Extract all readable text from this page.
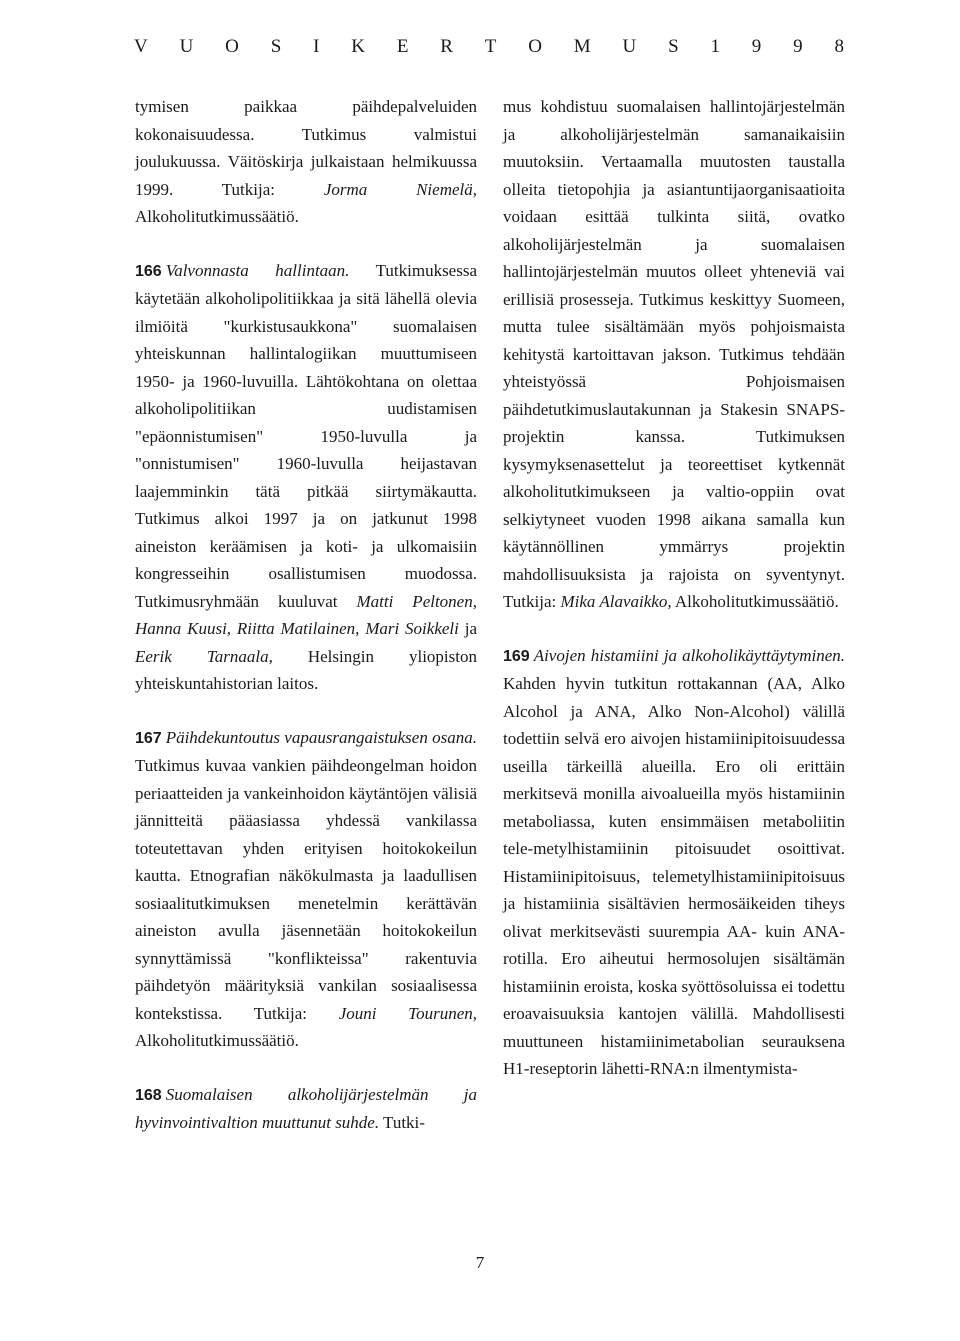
V U O S I K E R T O M U S 1 9 9 8

tymisen paikkaa päihdepalveluiden kokonaisuudessa. Tutkimus valmistui joulukuussa. Väitöskirja julkaistaan helmikuussa 1999. Tutkija: Jorma Niemelä, Alkoholitutkimussäätiö.

166 Valvonnasta hallintaan. Tutkimuksessa käytetään alkoholipolitiikkaa ja sitä lähellä olevia ilmiöitä "kurkistusaukkona" suomalaisen yhteiskunnan hallintalogiikan muuttumiseen 1950- ja 1960-luvuilla. Lähtökohtana on olettaa alkoholipolitiikan uudistamisen "epäonnistumisen" 1950-luvulla ja "onnistumisen" 1960-luvulla heijastavan laajemminkin tätä pitkää siirtymäkautta. Tutkimus alkoi 1997 ja on jatkunut 1998 aineiston keräämisen ja koti- ja ulkomaisiin kongresseihin osallistumisen muodossa. Tutkimusryhmään kuuluvat Matti Peltonen, Hanna Kuusi, Riitta Matilainen, Mari Soikkeli ja Eerik Tarnaala, Helsingin yliopiston yhteiskuntahistorian laitos.

167 Päihdekuntoutus vapausrangaistuksen osana. Tutkimus kuvaa vankien päihdeongelman hoidon periaatteiden ja vankeinhoidon käytäntöjen välisiä jännitteitä pääasiassa yhdessä vankilassa toteutettavan yhden erityisen hoitokokeilun kautta. Etnografian näkökulmasta ja laadullisen sosiaalitutkimuksen menetelmin kerättävän aineiston avulla jäsennetään hoitokokeilun synnyttämissä "konflikteissa" rakentuvia päihdetyön määrityksiä vankilan sosiaalisessa kontekstissa. Tutkija: Jouni Tourunen, Alkoholitutkimussäätiö.

168 Suomalaisen alkoholijärjestelmän ja hyvinvointivaltion muuttunut suhde. Tutki-

mus kohdistuu suomalaisen hallintojärjestelmän ja alkoholijärjestelmän samanaikaisiin muutoksiin. Vertaamalla muutosten taustalla olleita tietopohjia ja asiantuntijaorganisaatioita voidaan esittää tulkinta siitä, ovatko alkoholijärjestelmän ja suomalaisen hallintojärjestelmän muutos olleet yhteneviä vai erillisiä prosesseja. Tutkimus keskittyy Suomeen, mutta tulee sisältämään myös pohjoismaista kehitystä kartoittavan jakson. Tutkimus tehdään yhteistyössä Pohjoismaisen päihdetutkimuslautakunnan ja Stakesin SNAPS-projektin kanssa. Tutkimuksen kysymyksenasettelut ja teoreettiset kytkennät alkoholitutkimukseen ja valtio-oppiin ovat selkiytyneet vuoden 1998 aikana samalla kun käytännöllinen ymmärrys projektin mahdollisuuksista ja rajoista on syventynyt. Tutkija: Mika Alavaikko, Alkoholitutkimussäätiö.

169 Aivojen histamiini ja alkoholikäyttäytyminen. Kahden hyvin tutkitun rottakannan (AA, Alko Alcohol ja ANA, Alko Non-Alcohol) välillä todettiin selvä ero aivojen histamiinipitoisuudessa useilla tärkeillä alueilla. Ero oli erittäin merkitsevä monilla aivoalueilla myös histamiinin metaboliassa, kuten ensimmäisen metaboliitin tele-metylhistamiinin pitoisuudet osoittivat. Histamiinipitoisuus, telemetylhistamiinipitoisuus ja histamiinia sisältävien hermosäikeiden tiheys olivat merkitsevästi suurempia AA- kuin ANA-rotilla. Ero aiheutui hermosolujen sisältämän histamiinin eroista, koska syöttösoluissa ei todettu eroavaisuuksia kantojen välillä. Mahdollisesti muuttuneen histamiinimetabolian seurauksena H1-reseptorin lähetti-RNA:n ilmentymista-

7
